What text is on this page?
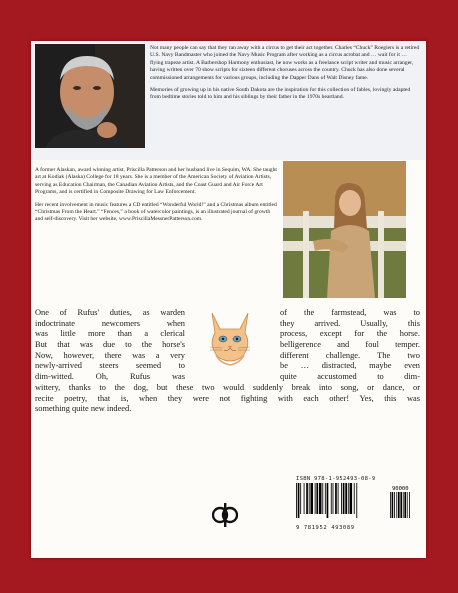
Not many people can say that they ran away with a circus to get their act together. Charles “Chuck” Roegiers is a retired U.S. Navy Bandmaster who joined the Navy Music Program after working as a circus acrobat and … wait for it … flying trapeze artist. A Barbershop Harmony enthusiast, he now works as a freelance script writer and music arranger, having written over 70 show scripts for sixteen different choruses across the country. Chuck has also done several commissioned arrangements for various groups, including the Dapper Dans of Walt Disney fame.

Memories of growing up in his native South Dakota are the inspiration for this collection of fables, lovingly adapted from bedtime stories told to him and his siblings by their father in the 1970s heartland.

A former Alaskan, award winning artist, Priscilla Patterson and her husband live in Sequim, WA. She taught art at Kodiak (Alaska) College for 18 years. She is a member of the American Society of Aviation Artists, serving as Education Chairman, the Canadian Aviation Artists, and the Coast Guard and Air Force Art Programs, and is certified in Composite Drawing for Law Enforcement.

Her recent involvement in music features a CD entitled “Wonderful World!” and a Christmas album entitled “Christmas From the Heart.” “Fences,” a book of watercolor paintings, is an illustrated journal of growth and self-discovery. Visit her website, www.PriscillaMessnerPatterson.com.

One of Rufus' duties, as warden	of the farmstead, was to
indoctrinate newcomers when	they arrived. Usually, this
was little more than a clerical	process, except for the horse.
But that was due to the horse's	belligerence and foul temper.
Now, however, there was a very	different challenge. The two
newly-arrived steers seemed to	be … distracted, maybe even
dim-witted. Oh, Rufus was	quite accustomed to dim-
wittery, thanks to the dog, but these two would suddenly break into song, or dance, or
recite poetry, that is, when they were not fighting with each other! Yes, this was
something quite new indeed.
ISBN 978-1-952493-08-9
90000
9 781952 493089
